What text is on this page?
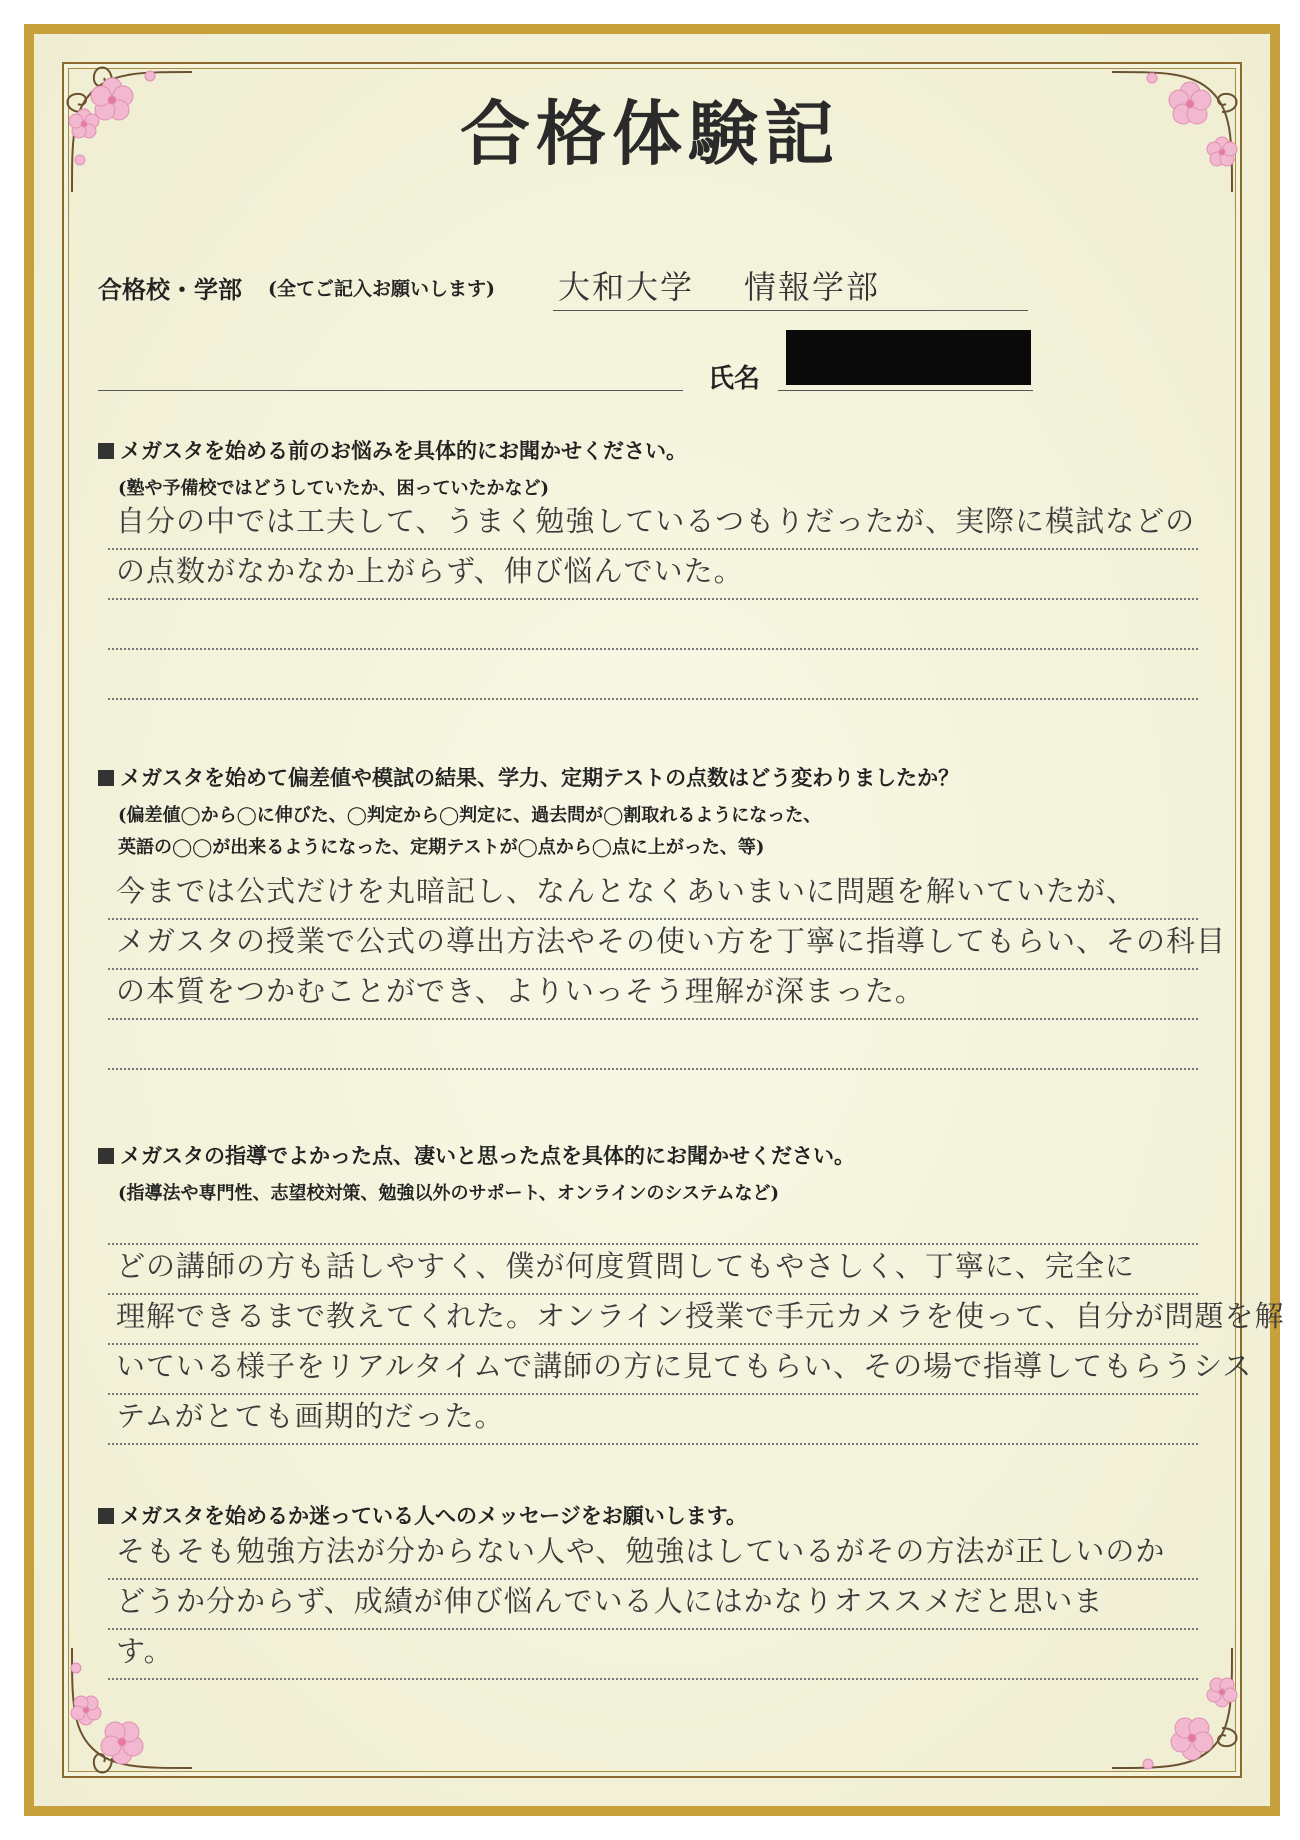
合格体験記
合格校・学部 (全てご記入お願いします) 大和大学 情報学部
氏名
メガスタを始める前のお悩みを具体的にお聞かせください。
(塾や予備校ではどうしていたか、困っていたかなど)
自分の中では工夫して、うまく勉強しているつもりだったが、実際に模試などの
の点数がなかなか上がらず、伸び悩んでいた。
メガスタを始めて偏差値や模試の結果、学力、定期テストの点数はどう変わりましたか？
(偏差値◯から◯に伸びた、◯判定から◯判定に、過去問が◯割取れるようになった、
英語の◯◯が出来るようになった、定期テストが◯点から◯点に上がった、等)
今までは公式だけを丸暗記し、なんとなくあいまいに問題を解いていたが、
メガスタの授業で公式の導出方法やその使い方を丁寧に指導してもらい、その科目
の本質をつかむことができ、よりいっそう理解が深まった。
メガスタの指導でよかった点、凄いと思った点を具体的にお聞かせください。
(指導法や専門性、志望校対策、勉強以外のサポート、オンラインのシステムなど)
どの講師の方も話しやすく、僕が何度質問してもやさしく、丁寧に、完全に
理解できるまで教えてくれた。オンライン授業で手元カメラを使って、自分が問題を解
いている様子をリアルタイムで講師の方に見てもらい、その場で指導してもらうシス
テムがとても画期的だった。
メガスタを始めるか迷っている人へのメッセージをお願いします。
そもそも勉強方法が分からない人や、勉強はしているがその方法が正しいのか
どうか分からず、成績が伸び悩んでいる人にはかなりオススメだと思いま
す。
